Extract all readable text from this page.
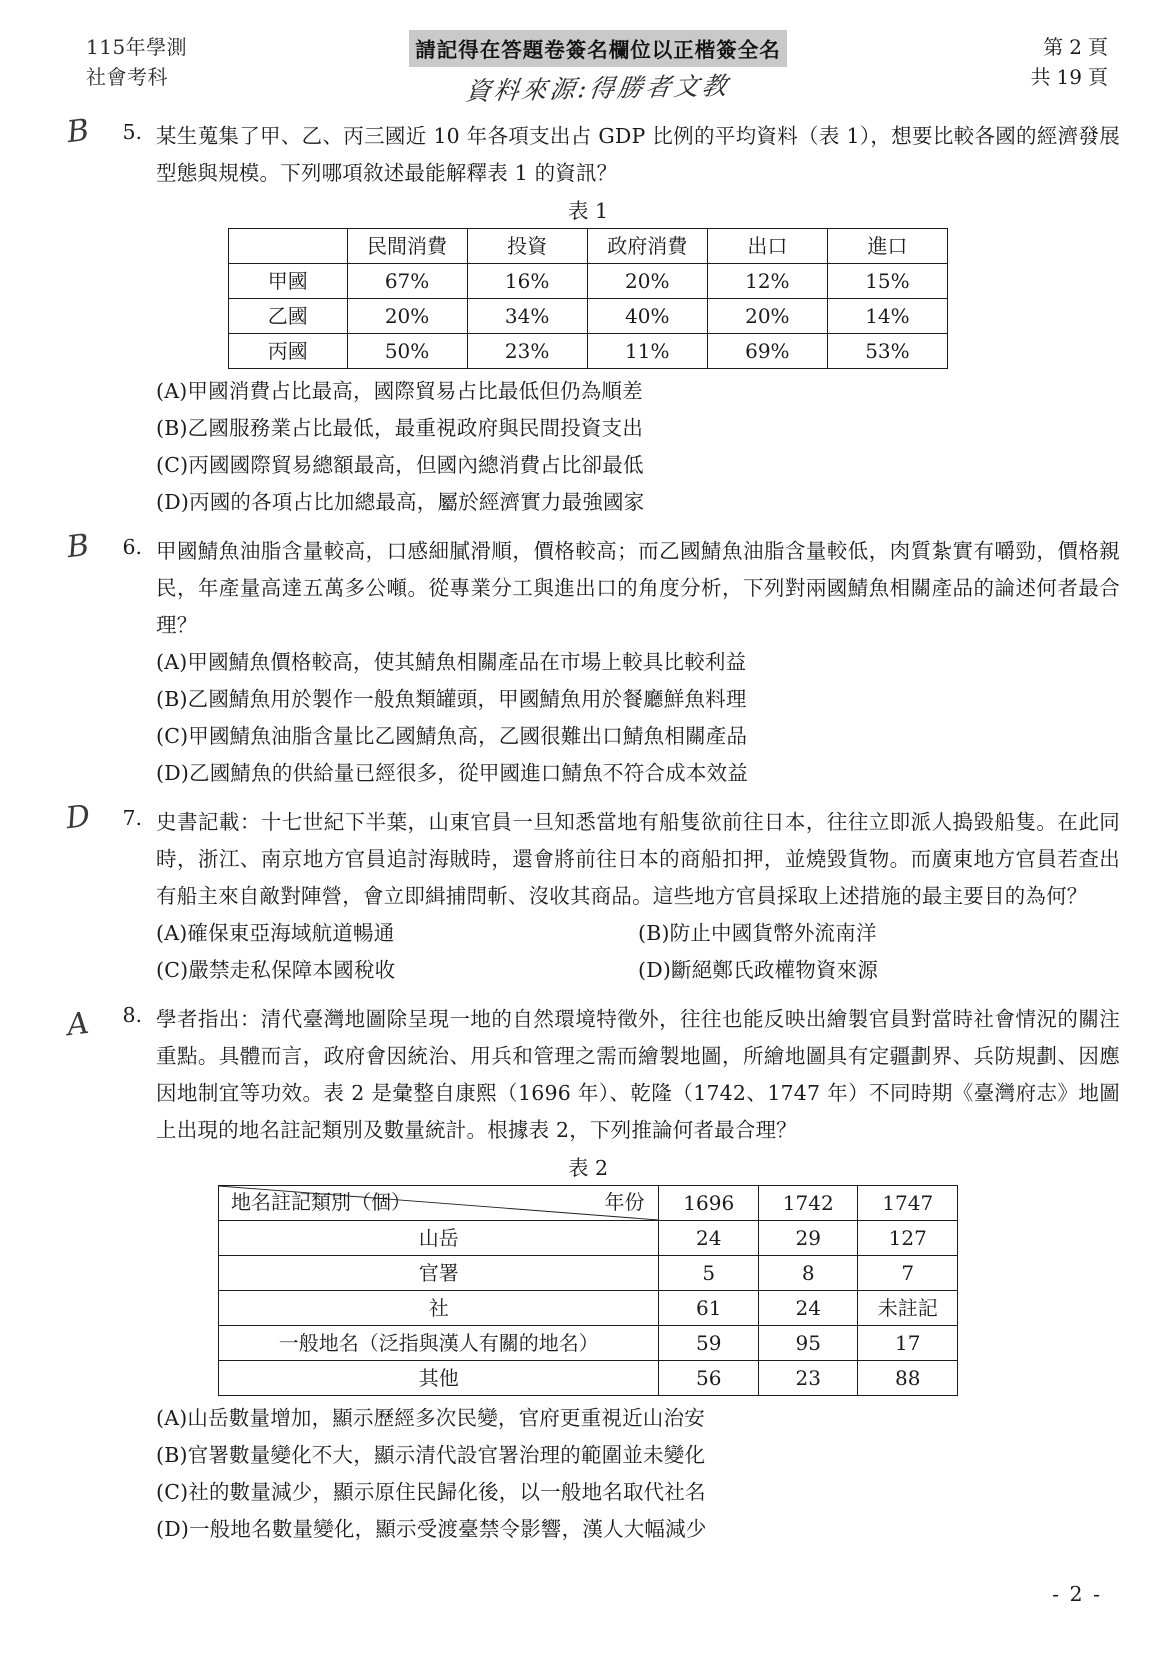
115年學測
社會考科
請記得在答題卷簽名欄位以正楷簽全名
資料來源:得勝者文教
第 2 頁
共 19 頁
B	5. 某生蒐集了甲、乙、丙三國近 10 年各項支出占 GDP 比例的平均資料（表 1），想要比較各國的經濟發展型態與規模。下列哪項敘述最能解釋表 1 的資訊？
表 1
	民間消費	投資	政府消費	出口	進口
甲國	67%	16%	20%	12%	15%
乙國	20%	34%	40%	20%	14%
丙國	50%	23%	11%	69%	53%
(A)甲國消費占比最高，國際貿易占比最低但仍為順差
(B)乙國服務業占比最低，最重視政府與民間投資支出
(C)丙國國際貿易總額最高，但國內總消費占比卻最低
(D)丙國的各項占比加總最高，屬於經濟實力最強國家
B	6. 甲國鯖魚油脂含量較高，口感細膩滑順，價格較高；而乙國鯖魚油脂含量較低，肉質紮實有嚼勁，價格親民，年產量高達五萬多公噸。從專業分工與進出口的角度分析，下列對兩國鯖魚相關產品的論述何者最合理？
(A)甲國鯖魚價格較高，使其鯖魚相關產品在市場上較具比較利益
(B)乙國鯖魚用於製作一般魚類罐頭，甲國鯖魚用於餐廳鮮魚料理
(C)甲國鯖魚油脂含量比乙國鯖魚高，乙國很難出口鯖魚相關產品
(D)乙國鯖魚的供給量已經很多，從甲國進口鯖魚不符合成本效益
D	7. 史書記載：十七世紀下半葉，山東官員一旦知悉當地有船隻欲前往日本，往往立即派人搗毀船隻。在此同時，浙江、南京地方官員追討海賊時，還會將前往日本的商船扣押，並燒毀貨物。而廣東地方官員若查出有船主來自敵對陣營，會立即緝捕問斬、沒收其商品。這些地方官員採取上述措施的最主要目的為何？
(A)確保東亞海域航道暢通
(C)嚴禁走私保障本國稅收
(B)防止中國貨幣外流南洋
(D)斷絕鄭氏政權物資來源
A	8. 學者指出：清代臺灣地圖除呈現一地的自然環境特徵外，往往也能反映出繪製官員對當時社會情況的關注重點。具體而言，政府會因統治、用兵和管理之需而繪製地圖，所繪地圖具有定疆劃界、兵防規劃、因應因地制宜等功效。表 2 是彙整自康熙（1696 年）、乾隆（1742、1747 年）不同時期《臺灣府志》地圖上出現的地名註記類別及數量統計。根據表 2，下列推論何者最合理？
表 2
年份
地名註記類別（個）	1696	1742	1747
山岳	24	29	127
官署	5	8	7
社	61	24	未註記
一般地名（泛指與漢人有關的地名）	59	95	17
其他	56	23	88
(A)山岳數量增加，顯示歷經多次民變，官府更重視近山治安
(B)官署數量變化不大，顯示清代設官署治理的範圍並未變化
(C)社的數量減少，顯示原住民歸化後，以一般地名取代社名
(D)一般地名數量變化，顯示受渡臺禁令影響，漢人大幅減少
- 2 -
